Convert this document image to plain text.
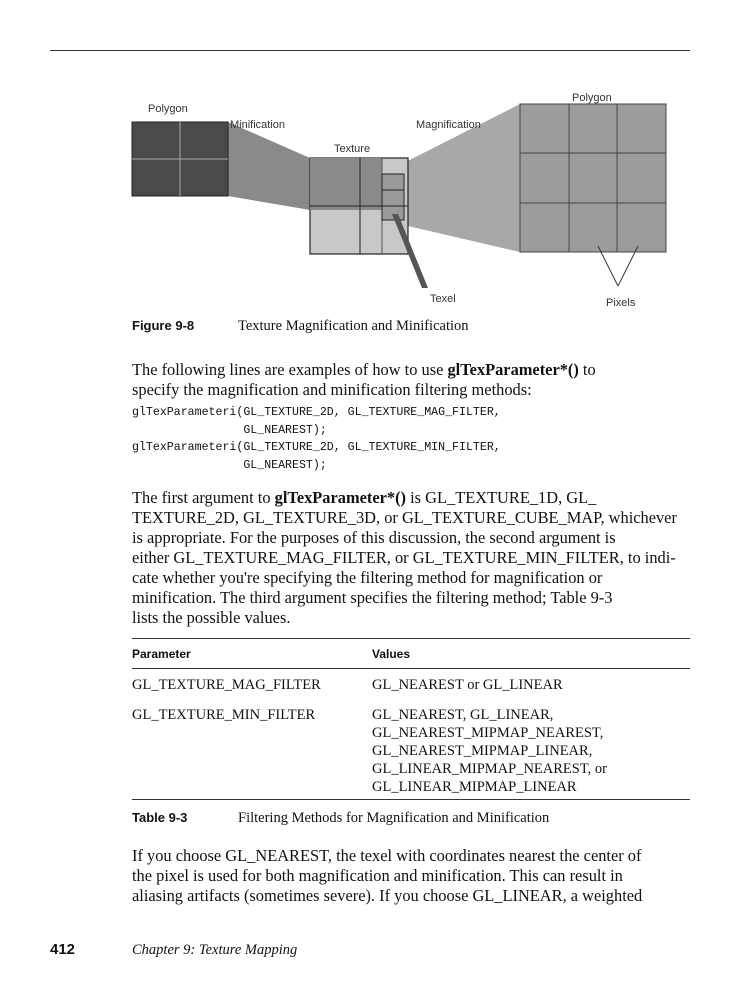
Polygon
Minification
Texture
Magnification
Polygon
Texel	Pixels
Figure 9-8	Texture Magnification and Minification
The following lines are examples of how to use glTexParameter*() to
specify the magnification and minification filtering methods:
glTexParameteri(GL_TEXTURE_2D, GL_TEXTURE_MAG_FILTER,
GL_NEAREST);
glTexParameteri(GL_TEXTURE_2D, GL_TEXTURE_MIN_FILTER,
GL_NEAREST);
The first argument to glTexParameter*() is GL_TEXTURE_1D, GL_
TEXTURE_2D, GL_TEXTURE_3D, or GL_TEXTURE_CUBE_MAP, whichever
is appropriate. For the purposes of this discussion, the second argument is
either GL_TEXTURE_MAG_FILTER, or GL_TEXTURE_MIN_FILTER, to indi-
cate whether you're specifying the filtering method for magnification or
minification. The third argument specifies the filtering method; Table 9-3
lists the possible values.
Parameter	Values
GL_TEXTURE_MAG_FILTER	GL_NEAREST or GL_LINEAR
GL_TEXTURE_MIN_FILTER	GL_NEAREST, GL_LINEAR,
GL_NEAREST_MIPMAP_NEAREST,
GL_NEAREST_MIPMAP_LINEAR,
GL_LINEAR_MIPMAP_NEAREST, or
GL_LINEAR_MIPMAP_LINEAR
Table 9-3	Filtering Methods for Magnification and Minification
If you choose GL_NEAREST, the texel with coordinates nearest the center of
the pixel is used for both magnification and minification. This can result in
aliasing artifacts (sometimes severe). If you choose GL_LINEAR, a weighted
412	Chapter 9: Texture Mapping
